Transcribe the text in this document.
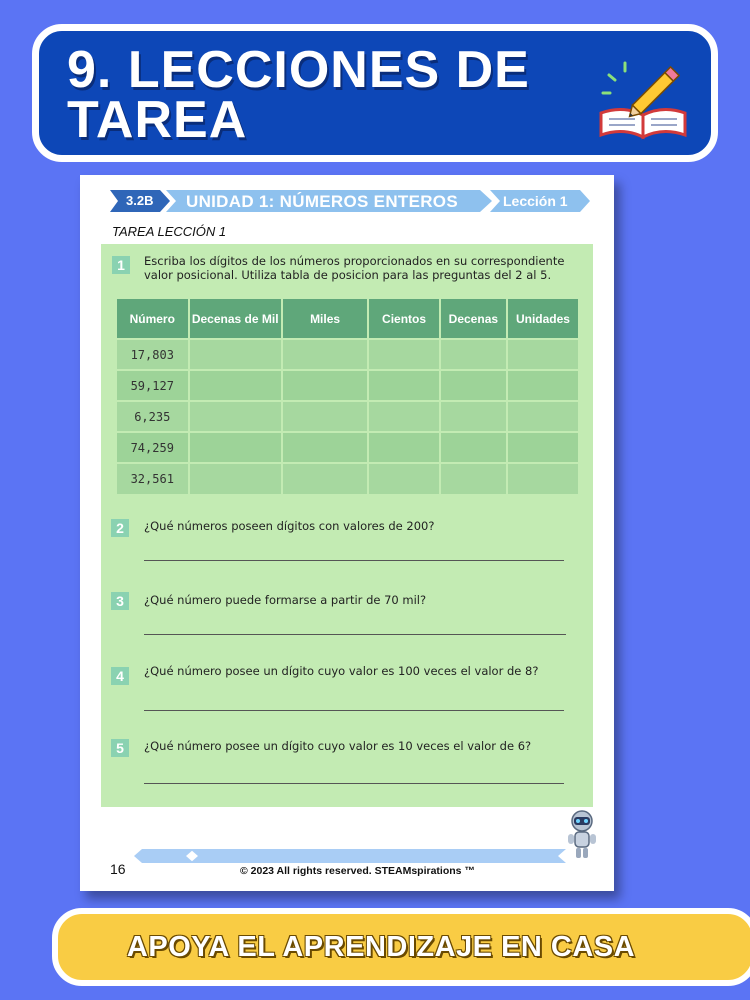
9. LECCIONES DE TAREA
3.2B	UNIDAD 1: NÚMEROS ENTEROS	Lección 1
TAREA LECCIÓN 1
1	Escriba los dígitos de los números proporcionados en su correspondiente valor posicional. Utiliza tabla de posicion para las preguntas del 2 al 5.
Número	Decenas de Mil	Miles	Cientos	Decenas	Unidades
17,803					
59,127					
6,235					
74,259					
32,561					
2	¿Qué números poseen dígitos con valores de 200?
3	¿Qué número puede formarse a partir de 70 mil?
4	¿Qué número posee un dígito cuyo valor es 100 veces el valor de 8?
5	¿Qué número posee un dígito cuyo valor es 10 veces el valor de 6?
16	© 2023 All rights reserved. STEAMspirations ™
APOYA EL APRENDIZAJE EN CASA
